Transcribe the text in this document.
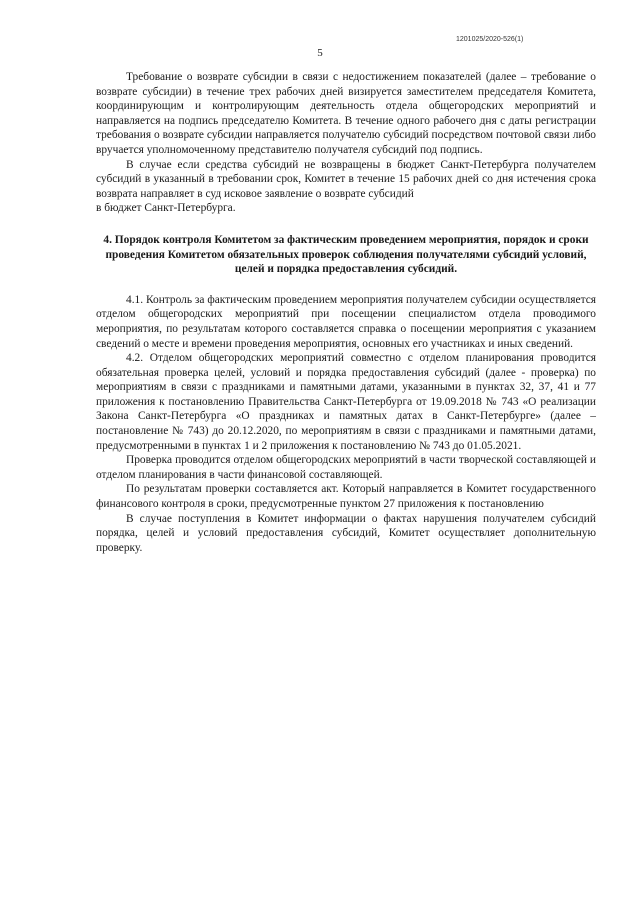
1201025/2020-526(1)
5

Требование о возврате субсидии в связи с недостижением показателей (далее – требование о возврате субсидии) в течение трех рабочих дней визируется заместителем председателя Комитета, координирующим и контролирующим деятельность отдела общегородских мероприятий и направляется на подпись председателю Комитета. В течение одного рабочего дня с даты регистрации требования о возврате субсидии направляется получателю субсидий посредством почтовой связи либо вручается уполномоченному представителю получателя субсидий под подпись.

В случае если средства субсидий не возвращены в бюджет Санкт-Петербурга получателем субсидий в указанный в требовании срок, Комитет в течение 15 рабочих дней со дня истечения срока возврата направляет в суд исковое заявление о возврате субсидий

в бюджет Санкт-Петербурга.

4. Порядок контроля Комитетом за фактическим проведением мероприятия, порядок и сроки проведения Комитетом обязательных проверок соблюдения получателями субсидий условий, целей и порядка предоставления субсидий.

4.1. Контроль за фактическим проведением мероприятия получателем субсидии осуществляется отделом общегородских мероприятий при посещении специалистом отдела проводимого мероприятия, по результатам которого составляется справка о посещении мероприятия с указанием сведений о месте и времени проведения мероприятия, основных его участниках и иных сведений.

4.2. Отделом общегородских мероприятий совместно с отделом планирования проводится обязательная проверка целей, условий и порядка предоставления субсидий (далее - проверка) по мероприятиям в связи с праздниками и памятными датами, указанными в пунктах 32, 37, 41 и 77 приложения к постановлению Правительства Санкт-Петербурга от 19.09.2018 № 743 «О реализации Закона Санкт-Петербурга «О праздниках и памятных датах в Санкт-Петербурге» (далее – постановление № 743) до 20.12.2020, по мероприятиям в связи с праздниками и памятными датами, предусмотренными в пунктах 1 и 2 приложения к постановлению № 743 до 01.05.2021.

Проверка проводится отделом общегородских мероприятий в части творческой составляющей и отделом планирования в части финансовой составляющей.

По результатам проверки составляется акт. Который направляется в Комитет государственного финансового контроля в сроки, предусмотренные пунктом 27 приложения к постановлению

В случае поступления в Комитет информации о фактах нарушения получателем субсидий порядка, целей и условий предоставления субсидий, Комитет осуществляет дополнительную проверку.
